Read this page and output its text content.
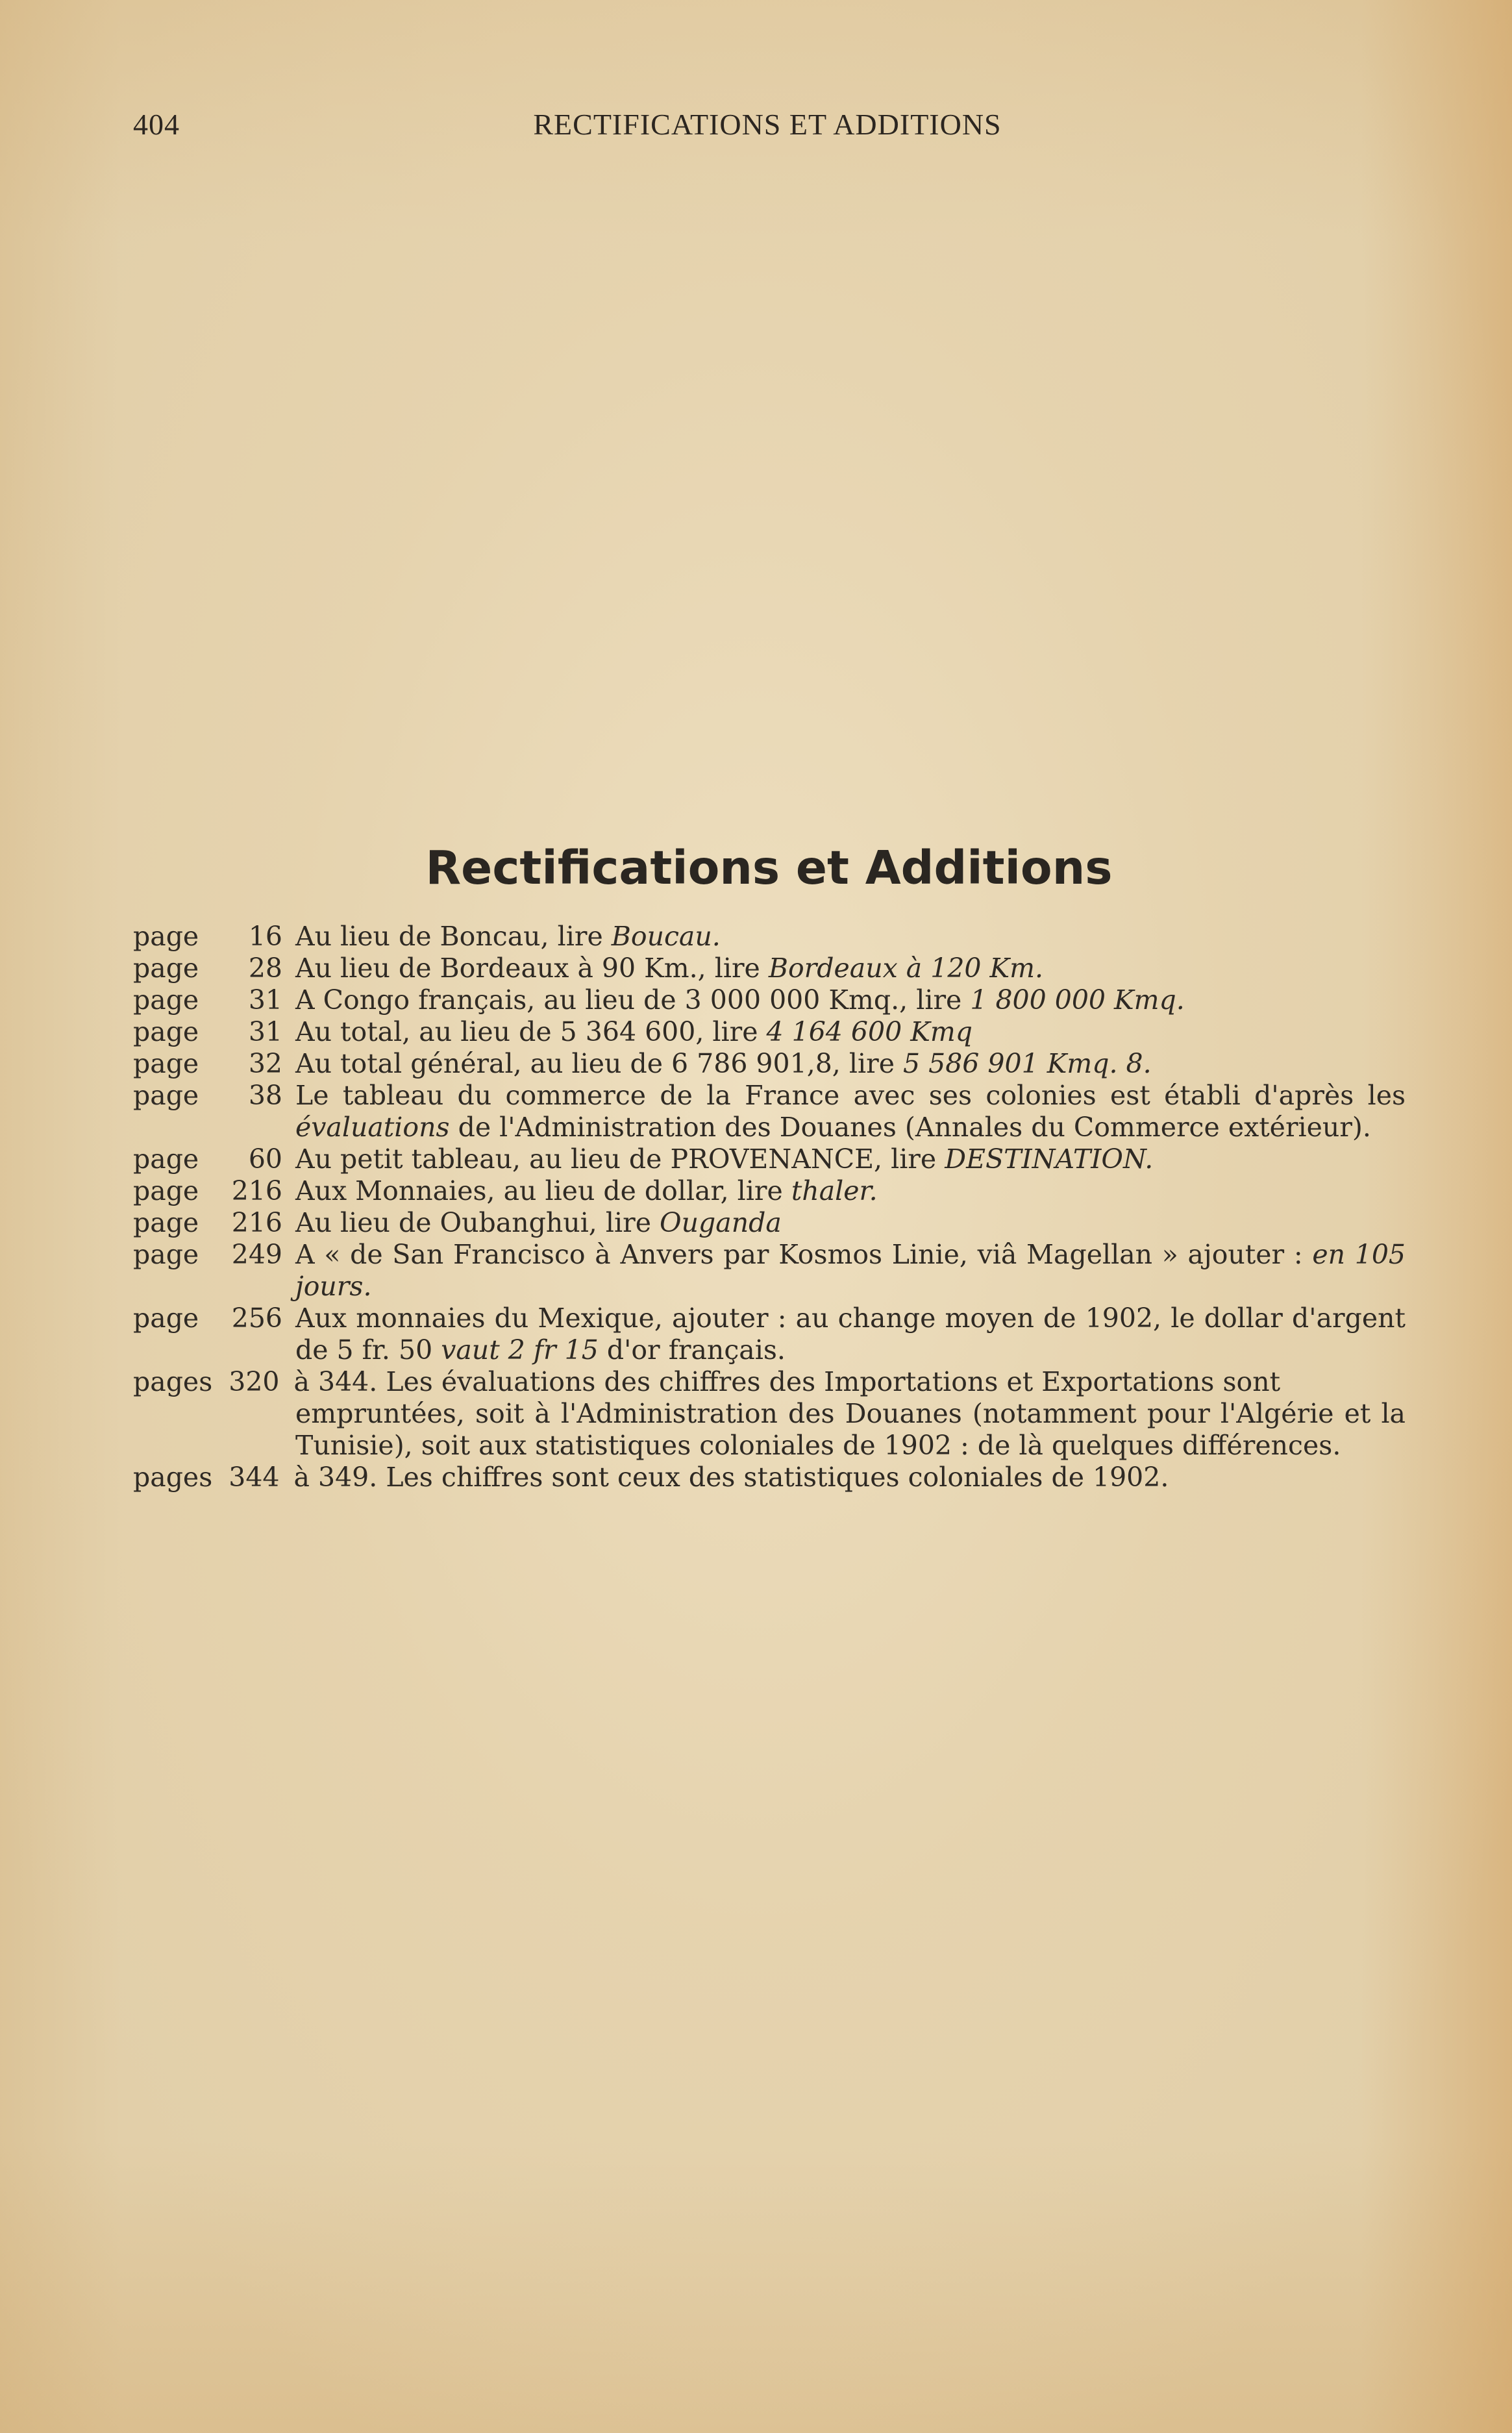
404	RECTIFICATIONS ET ADDITIONS
Rectifications et Additions
page 16 Au lieu de Boncau, lire Boucau.
page 28 Au lieu de Bordeaux à 90 Km., lire Bordeaux à 120 Km.
page 31 A Congo français, au lieu de 3 000 000 Kmq., lire 1 800 000 Kmq.
page 31 Au total, au lieu de 5 364 600, lire 4 164 600 Kmq
page 32 Au total général, au lieu de 6 786 901,8, lire 5 586 901 Kmq. 8.
page 38 Le tableau du commerce de la France avec ses colonies est établi d'après les évaluations de l'Administration des Douanes (Annales du Commerce extérieur).
page 60 Au petit tableau, au lieu de PROVENANCE, lire DESTINATION.
page 216 Aux Monnaies, au lieu de dollar, lire thaler.
page 216 Au lieu de Oubanghui, lire Ouganda
page 249 A « de San Francisco à Anvers par Kosmos Linie, viâ Magellan » ajouter : en 105 jours.
page 256 Aux monnaies du Mexique, ajouter : au change moyen de 1902, le dollar d'argent de 5 fr. 50 vaut 2 fr 15 d'or français.
pages 320 à 344. Les évaluations des chiffres des Importations et Exportations sont
empruntées, soit à l'Administration des Douanes (notamment pour l'Algérie et la Tunisie), soit aux statistiques coloniales de 1902 : de là quelques différences.
pages 344 à 349. Les chiffres sont ceux des statistiques coloniales de 1902.
